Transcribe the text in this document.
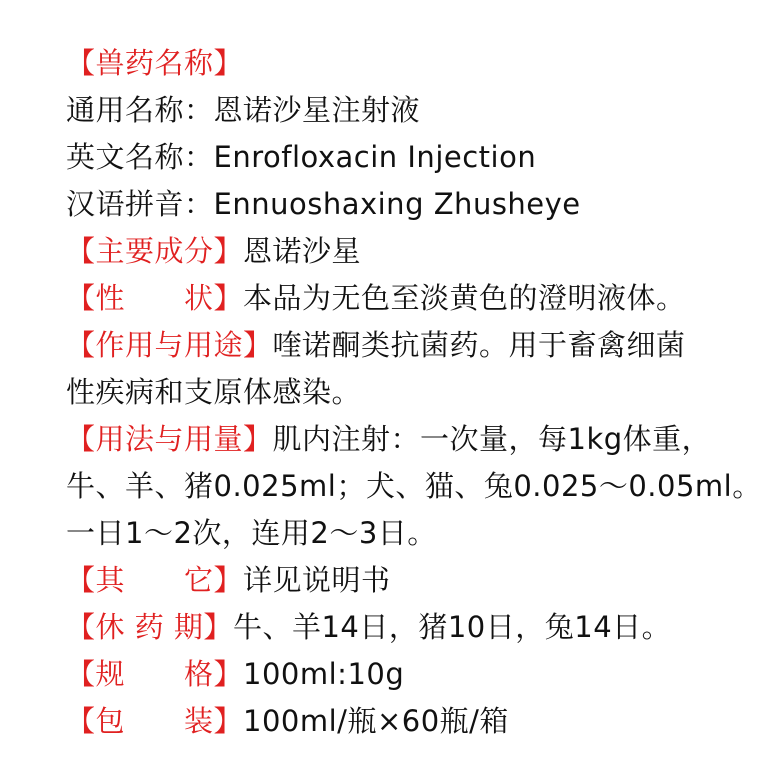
【兽药名称】
通用名称：恩诺沙星注射液
英文名称：Enrofloxacin Injection
汉语拼音：Ennuoshaxing Zhusheye
【主要成分】恩诺沙星
【性　　状】本品为无色至淡黄色的澄明液体。
【作用与用途】喹诺酮类抗菌药。用于畜禽细菌
性疾病和支原体感染。
【用法与用量】肌内注射：一次量，每1kg体重，
牛、羊、猪0.025ml；犬、猫、兔0.025～0.05ml。
一日1～2次，连用2～3日。
【其　　它】详见说明书
【休 药 期】牛、羊14日，猪10日，兔14日。
【规　　格】100ml:10g
【包　　装】100ml/瓶×60瓶/箱
